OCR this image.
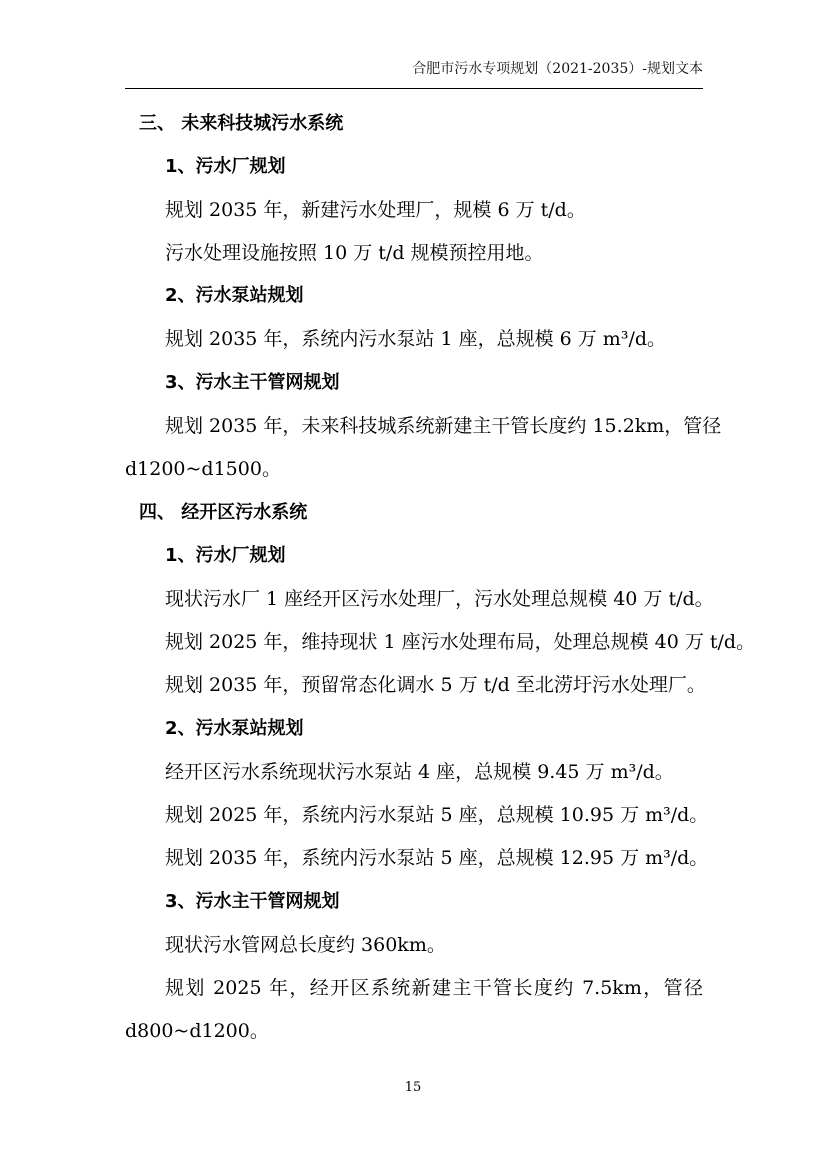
合肥市污水专项规划（2021-2035）-规划文本
三、 未来科技城污水系统
1、污水厂规划
规划 2035 年，新建污水处理厂，规模 6 万 t/d。
污水处理设施按照 10 万 t/d 规模预控用地。
2、污水泵站规划
规划 2035 年，系统内污水泵站 1 座，总规模 6 万 m³/d。
3、污水主干管网规划
规划 2035 年，未来科技城系统新建主干管长度约 15.2km，管径
d1200~d1500。
四、 经开区污水系统
1、污水厂规划
现状污水厂 1 座经开区污水处理厂，污水处理总规模 40 万 t/d。
规划 2025 年，维持现状 1 座污水处理布局，处理总规模 40 万 t/d。
规划 2035 年，预留常态化调水 5 万 t/d 至北涝圩污水处理厂。
2、污水泵站规划
经开区污水系统现状污水泵站 4 座，总规模 9.45 万 m³/d。
规划 2025 年，系统内污水泵站 5 座，总规模 10.95 万 m³/d。
规划 2035 年，系统内污水泵站 5 座，总规模 12.95 万 m³/d。
3、污水主干管网规划
现状污水管网总长度约 360km。
规划 2025 年，经开区系统新建主干管长度约 7.5km，管径
d800~d1200。
15
